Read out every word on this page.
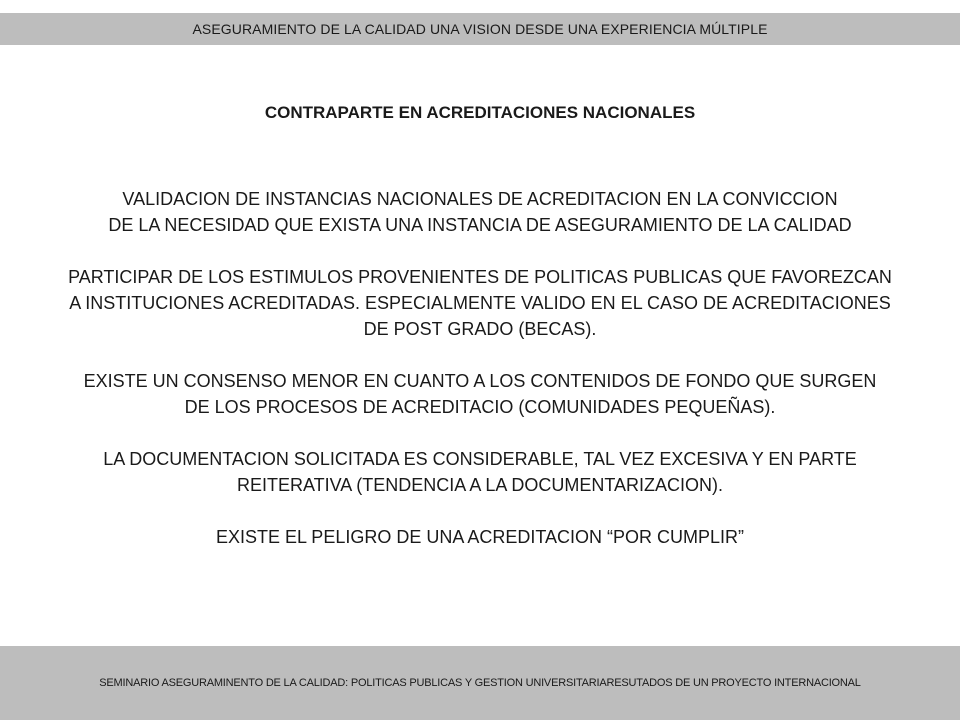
ASEGURAMIENTO DE LA CALIDAD UNA VISION DESDE UNA EXPERIENCIA MÚLTIPLE
CONTRAPARTE EN ACREDITACIONES NACIONALES

VALIDACION DE INSTANCIAS NACIONALES DE ACREDITACION EN LA CONVICCION
DE LA NECESIDAD QUE EXISTA UNA INSTANCIA DE ASEGURAMIENTO DE LA CALIDAD

PARTICIPAR DE LOS ESTIMULOS PROVENIENTES DE POLITICAS PUBLICAS QUE FAVOREZCAN
A INSTITUCIONES ACREDITADAS. ESPECIALMENTE VALIDO EN EL CASO DE ACREDITACIONES
DE POST GRADO (BECAS).

EXISTE UN CONSENSO MENOR EN CUANTO A LOS CONTENIDOS DE FONDO QUE SURGEN
DE LOS PROCESOS DE ACREDITACIO (COMUNIDADES PEQUEÑAS).

LA DOCUMENTACION SOLICITADA ES CONSIDERABLE, TAL VEZ EXCESIVA Y EN PARTE
REITERATIVA (TENDENCIA A LA DOCUMENTARIZACION).

EXISTE EL PELIGRO DE UNA ACREDITACION “POR CUMPLIR”

SEMINARIO ASEGURAMINENTO DE LA CALIDAD: POLITICAS PUBLICAS Y GESTION UNIVERSITARIARESUTADOS DE UN PROYECTO INTERNACIONAL
